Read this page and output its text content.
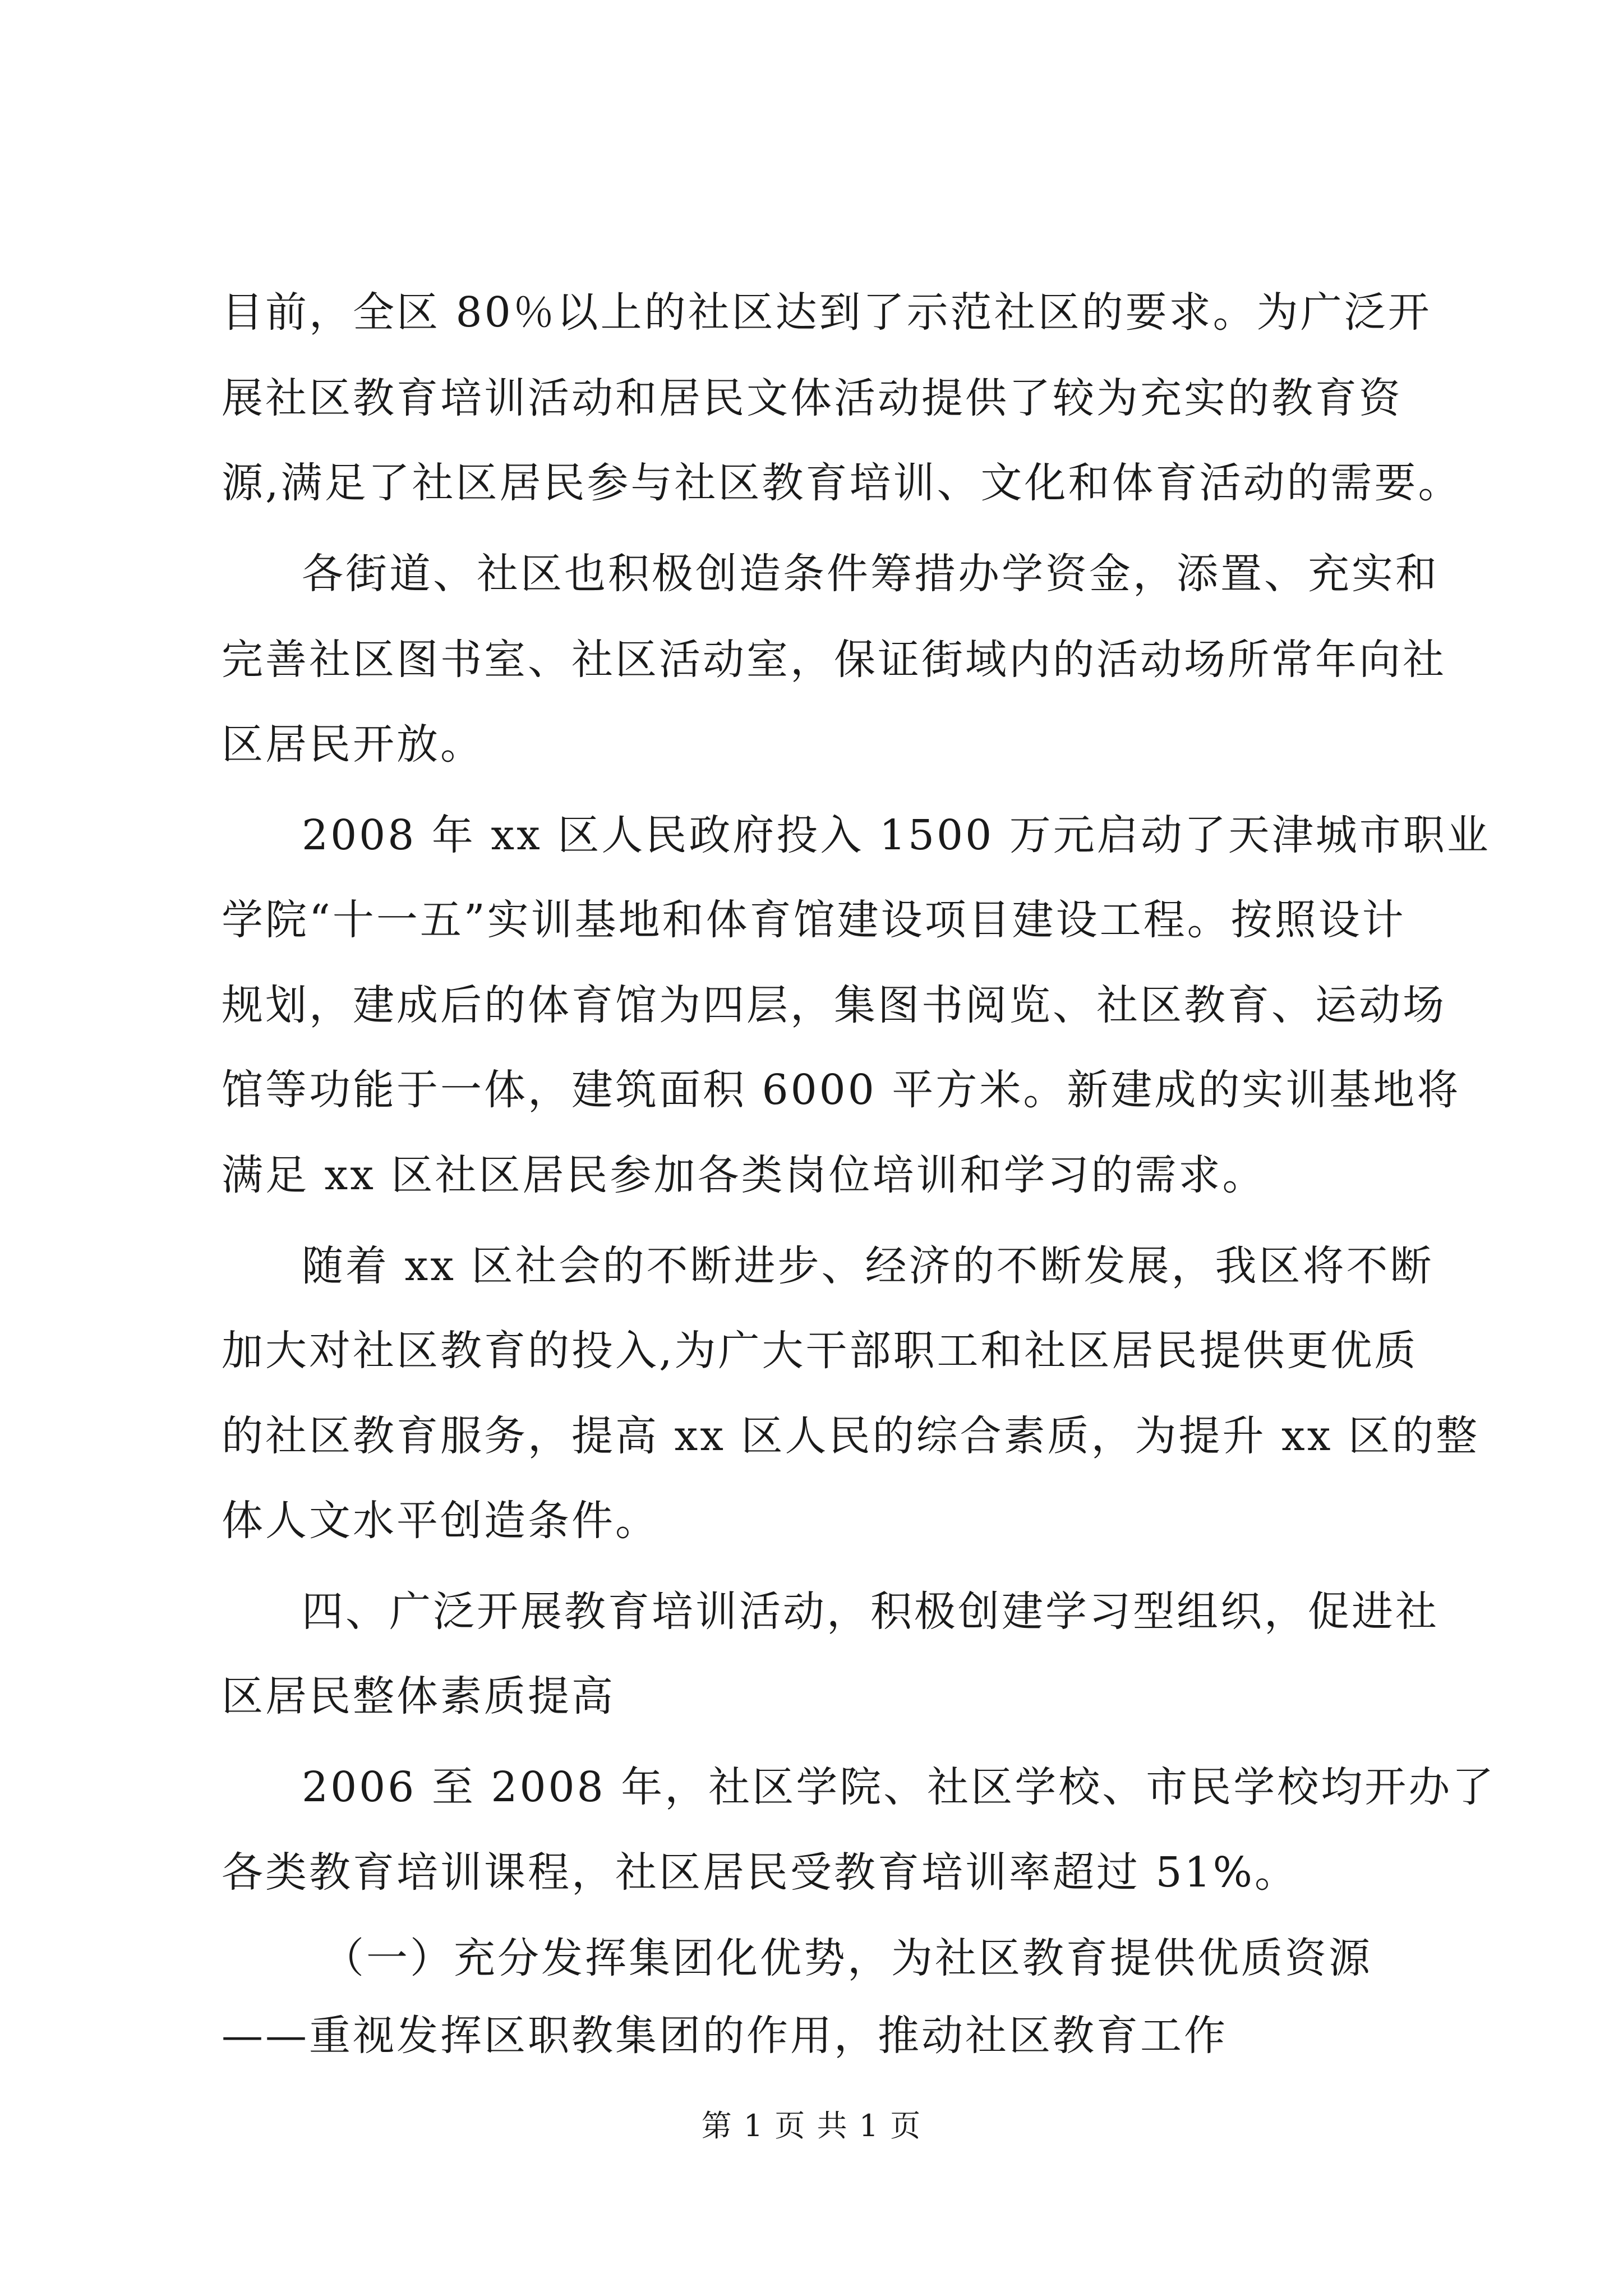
目前，全区 80％以上的社区达到了示范社区的要求。为广泛开
展社区教育培训活动和居民文体活动提供了较为充实的教育资
源,满足了社区居民参与社区教育培训、文化和体育活动的需要。
各街道、社区也积极创造条件筹措办学资金，添置、充实和
完善社区图书室、社区活动室，保证街域内的活动场所常年向社
区居民开放。
2008 年 xx 区人民政府投入 1500 万元启动了天津城市职业
学院“十一五”实训基地和体育馆建设项目建设工程。按照设计
规划，建成后的体育馆为四层，集图书阅览、社区教育、运动场
馆等功能于一体，建筑面积 6000 平方米。新建成的实训基地将
满足 xx 区社区居民参加各类岗位培训和学习的需求。
随着 xx 区社会的不断进步、经济的不断发展，我区将不断
加大对社区教育的投入,为广大干部职工和社区居民提供更优质
的社区教育服务，提高 xx 区人民的综合素质，为提升 xx 区的整
体人文水平创造条件。
四、广泛开展教育培训活动，积极创建学习型组织，促进社
区居民整体素质提高
2006 至 2008 年，社区学院、社区学校、市民学校均开办了
各类教育培训课程，社区居民受教育培训率超过 51%。
（一）充分发挥集团化优势，为社区教育提供优质资源
——重视发挥区职教集团的作用，推动社区教育工作
第 1 页 共 1 页
